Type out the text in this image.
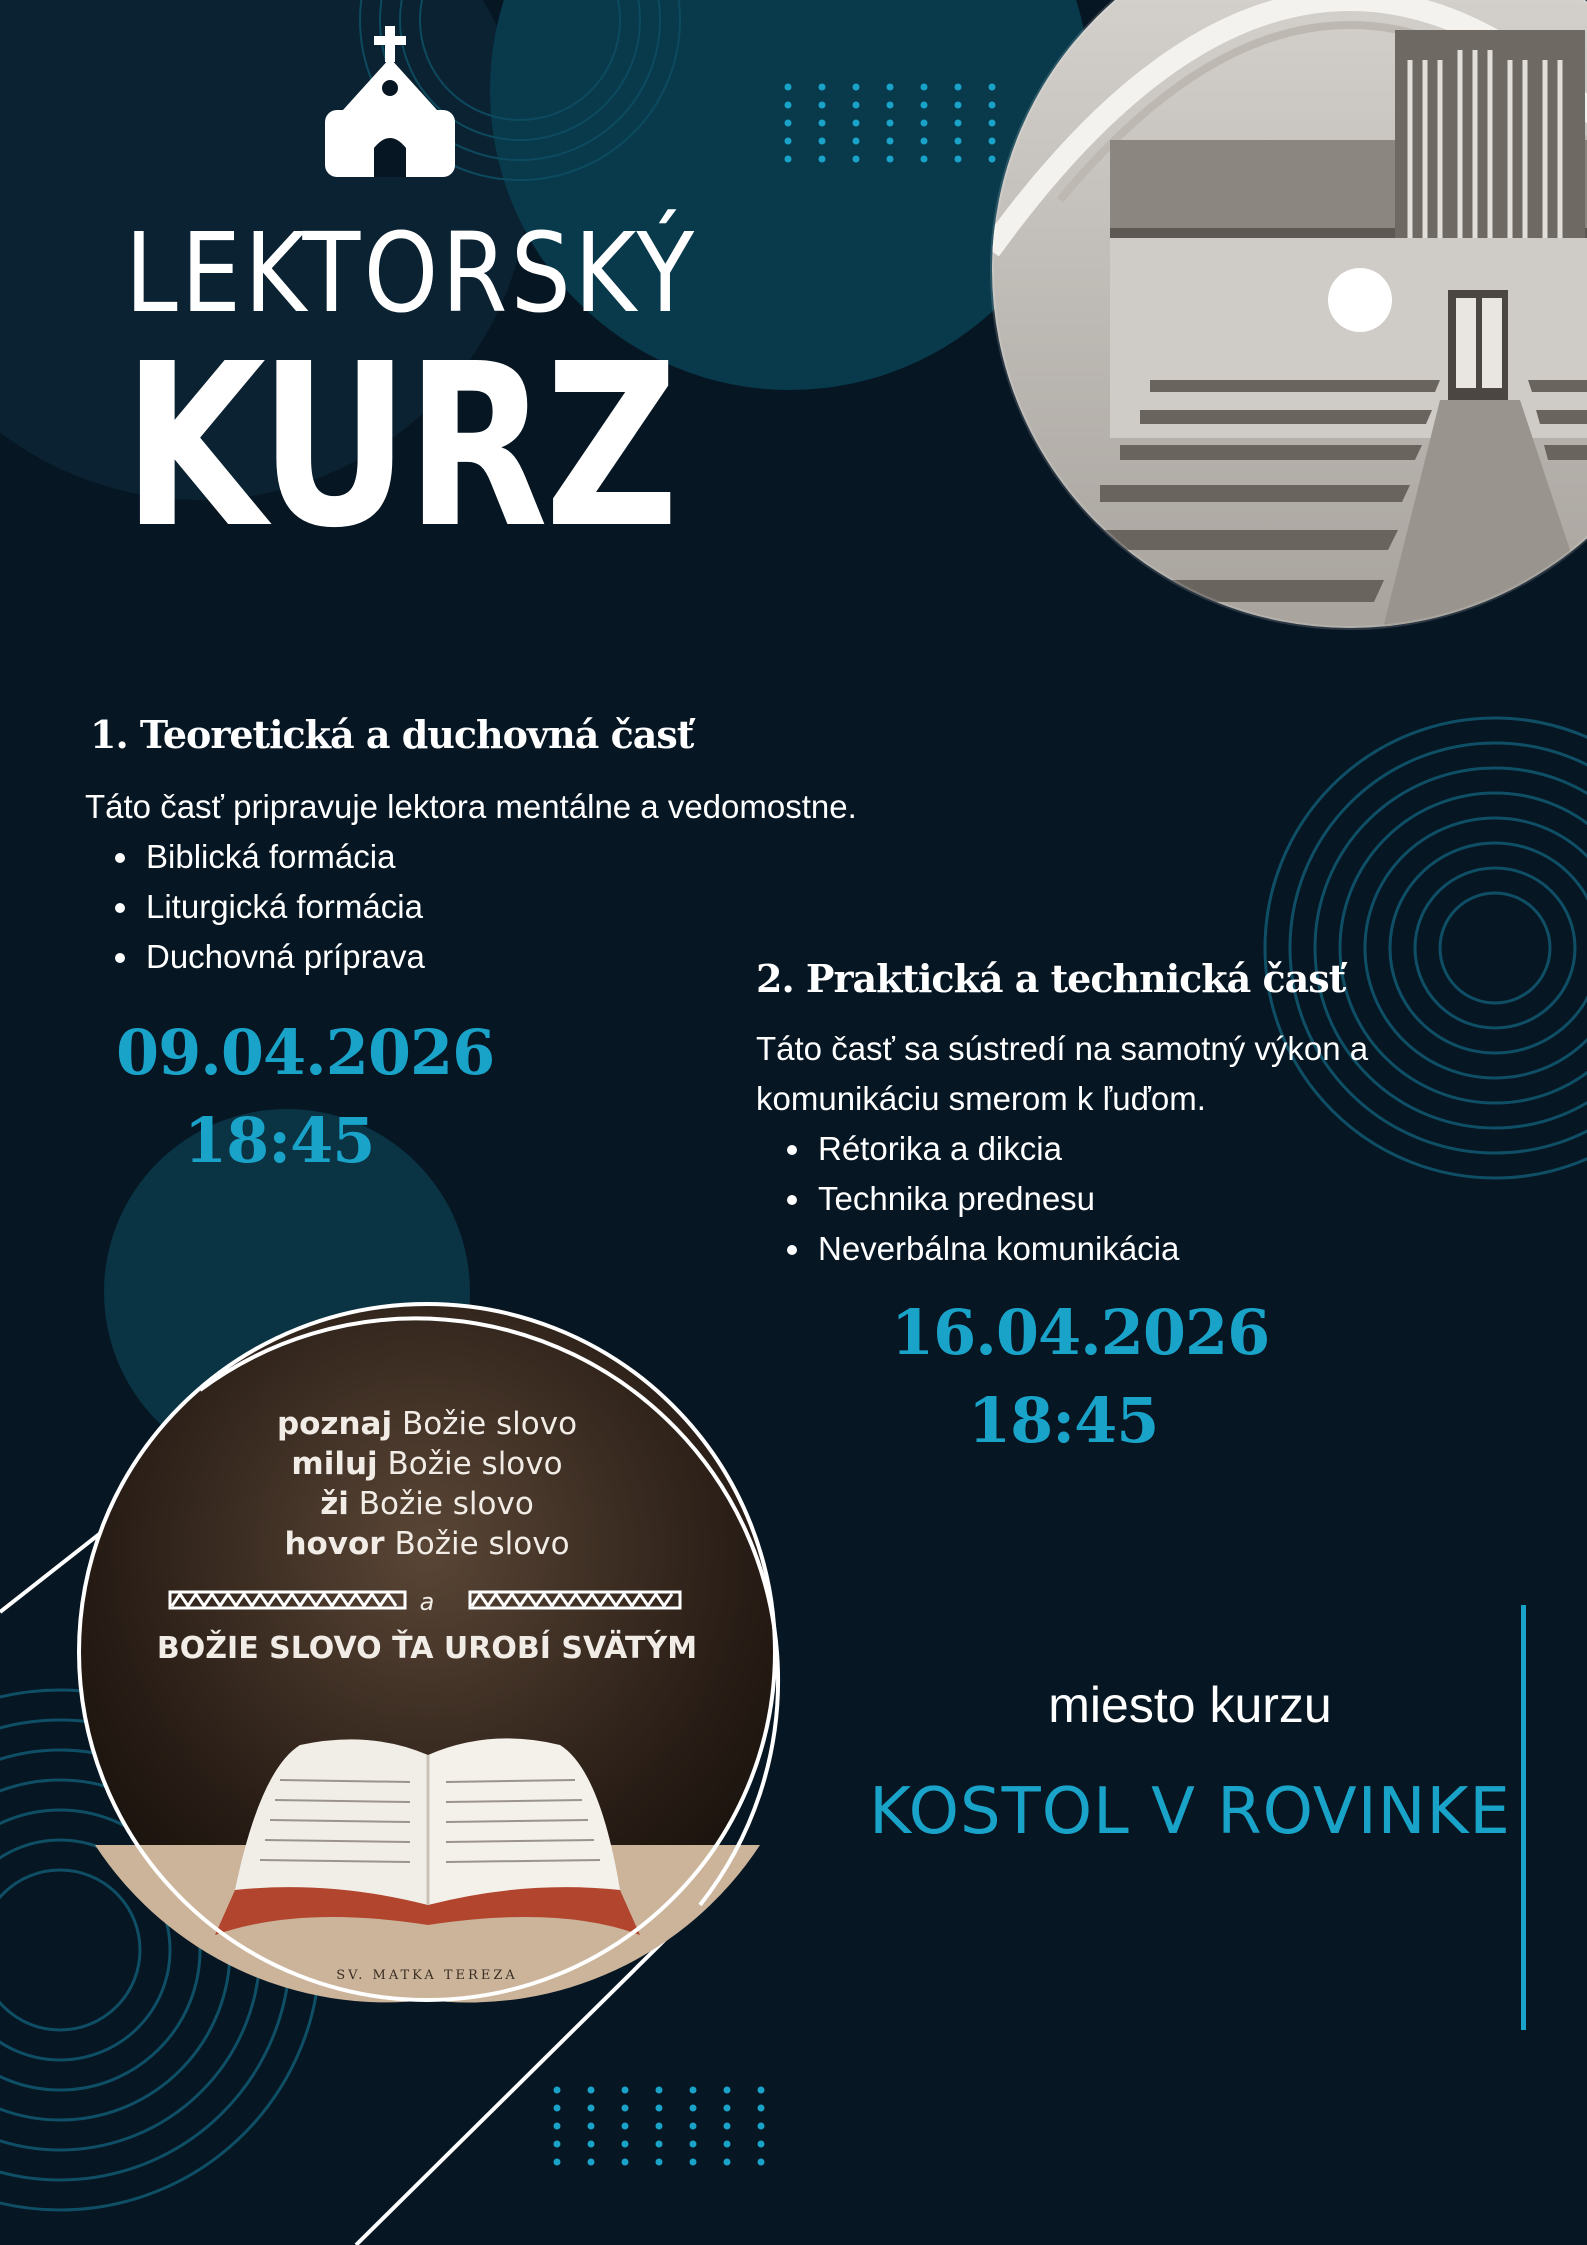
LEKTORSKÝ
KURZ
1. Teoretická a duchovná časť
Táto časť pripravuje lektora mentálne a vedomostne.
Biblická formácia
Liturgická formácia
Duchovná príprava
09.04.2026
18:45
2. Praktická a technická časť
Táto časť sa sústredí na samotný výkon a komunikáciu smerom k ľuďom.
Rétorika a dikcia
Technika prednesu
Neverbálna komunikácia
16.04.2026
18:45
poznaj Božie slovo
miluj Božie slovo
ži Božie slovo
hovor Božie slovo
a
BOŽIE SLOVO ŤA UROBÍ SVÄTÝM
SV. MATKA TEREZA
miesto kurzu
KOSTOL V ROVINKE
